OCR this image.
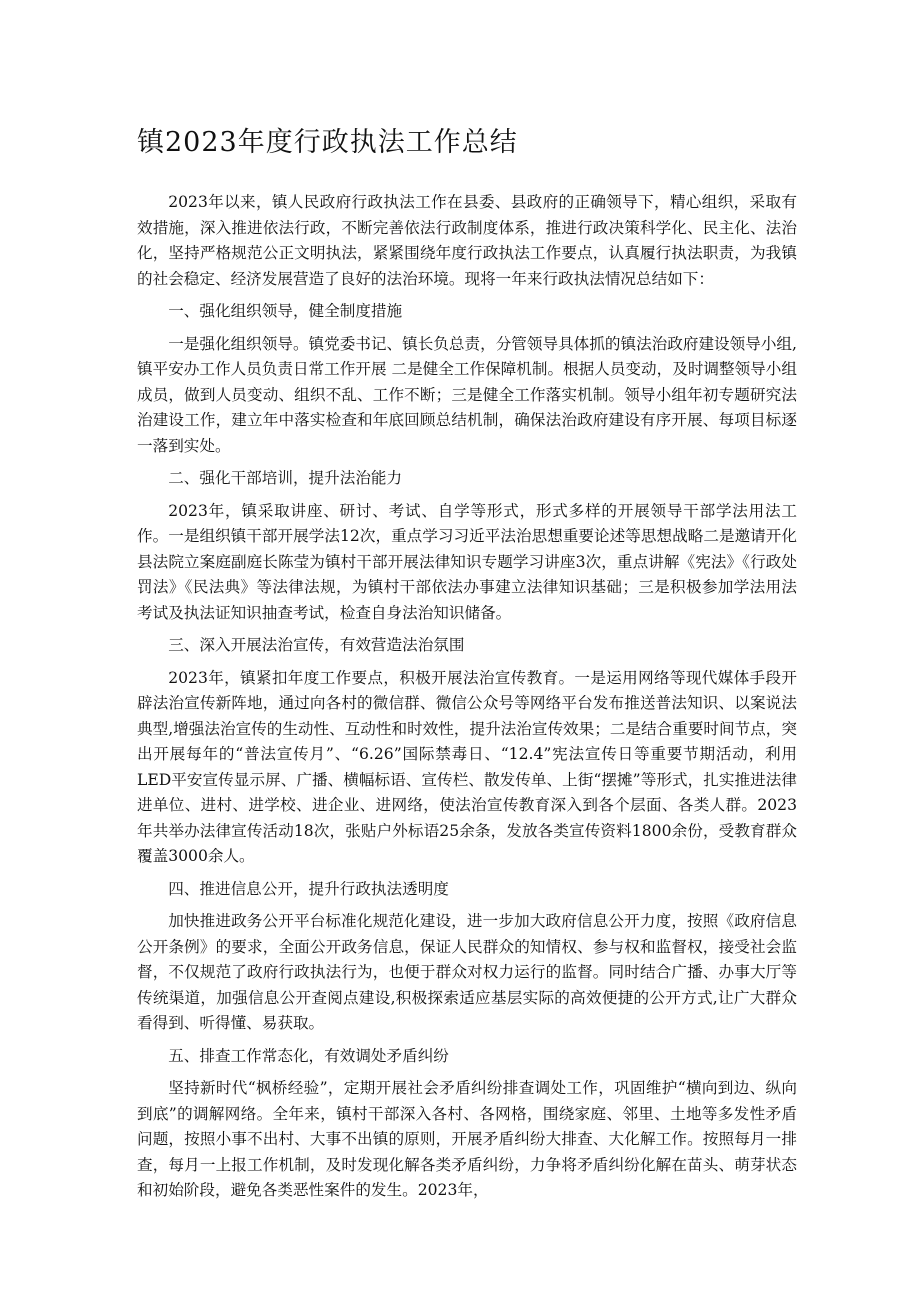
镇2023年度行政执法工作总结

2023年以来，镇人民政府行政执法工作在县委、县政府的正确领导下，精心组织，采取有效措施，深入推进依法行政，不断完善依法行政制度体系，推进行政决策科学化、民主化、法治化，坚持严格规范公正文明执法，紧紧围绕年度行政执法工作要点，认真履行执法职责，为我镇的社会稳定、经济发展营造了良好的法治环境。现将一年来行政执法情况总结如下：

一、强化组织领导，健全制度措施

一是强化组织领导。镇党委书记、镇长负总责，分管领导具体抓的镇法治政府建设领导小组,镇平安办工作人员负责日常工作开展 二是健全工作保障机制。根据人员变动，及时调整领导小组成员，做到人员变动、组织不乱、工作不断；三是健全工作落实机制。领导小组年初专题研究法治建设工作，建立年中落实检查和年底回顾总结机制，确保法治政府建设有序开展、每项目标逐一落到实处。

二、强化干部培训，提升法治能力

2023年，镇采取讲座、研讨、考试、自学等形式，形式多样的开展领导干部学法用法工作。一是组织镇干部开展学法12次，重点学习习近平法治思想重要论述等思想战略二是邀请开化县法院立案庭副庭长陈莹为镇村干部开展法律知识专题学习讲座3次，重点讲解《宪法》《行政处罚法》《民法典》等法律法规，为镇村干部依法办事建立法律知识基础；三是积极参加学法用法考试及执法证知识抽查考试，检查自身法治知识储备。

三、深入开展法治宣传，有效营造法治氛围

2023年，镇紧扣年度工作要点，积极开展法治宣传教育。一是运用网络等现代媒体手段开辟法治宣传新阵地，通过向各村的微信群、微信公众号等网络平台发布推送普法知识、以案说法典型,增强法治宣传的生动性、互动性和时效性，提升法治宣传效果；二是结合重要时间节点，突出开展每年的“普法宣传月”、“6.26”国际禁毒日、“12.4”宪法宣传日等重要节期活动，利用LED平安宣传显示屏、广播、横幅标语、宣传栏、散发传单、上街“摆摊”等形式，扎实推进法律进单位、进村、进学校、进企业、进网络，使法治宣传教育深入到各个层面、各类人群。2023年共举办法律宣传活动18次，张贴户外标语25余条，发放各类宣传资料1800余份，受教育群众覆盖3000余人。

四、推进信息公开，提升行政执法透明度

加快推进政务公开平台标准化规范化建设，进一步加大政府信息公开力度，按照《政府信息公开条例》的要求，全面公开政务信息，保证人民群众的知情权、参与权和监督权，接受社会监督，不仅规范了政府行政执法行为，也便于群众对权力运行的监督。同时结合广播、办事大厅等传统渠道，加强信息公开查阅点建设,积极探索适应基层实际的高效便捷的公开方式,让广大群众看得到、听得懂、易获取。

五、排查工作常态化，有效调处矛盾纠纷

坚持新时代“枫桥经验”，定期开展社会矛盾纠纷排查调处工作，巩固维护“横向到边、纵向到底”的调解网络。全年来，镇村干部深入各村、各网格，围绕家庭、邻里、土地等多发性矛盾问题，按照小事不出村、大事不出镇的原则，开展矛盾纠纷大排查、大化解工作。按照每月一排查，每月一上报工作机制，及时发现化解各类矛盾纠纷，力争将矛盾纠纷化解在苗头、萌芽状态和初始阶段，避免各类恶性案件的发生。2023年，
